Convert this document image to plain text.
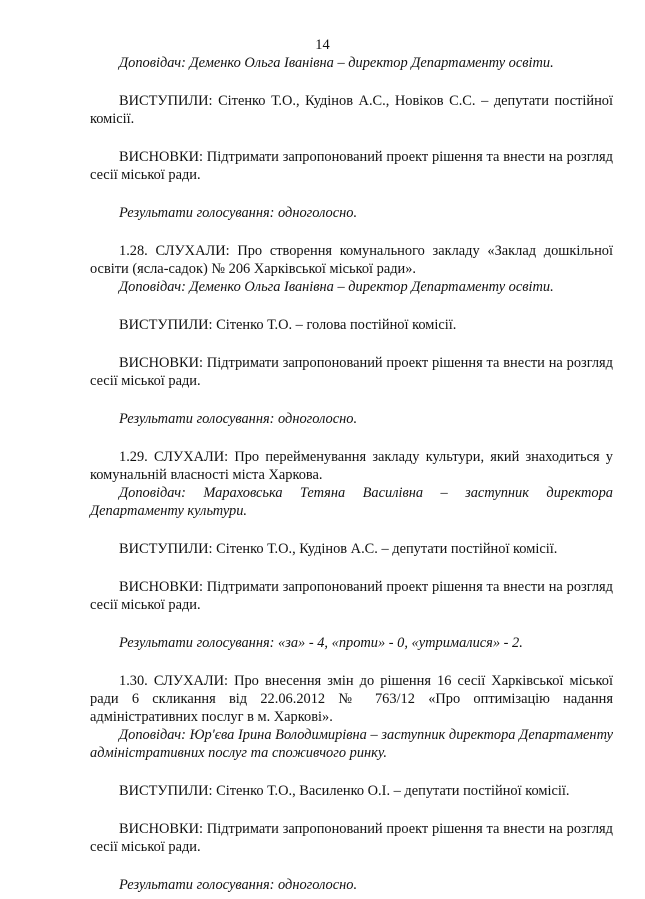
14

Доповідач: Деменко Ольга Іванівна – директор Департаменту освіти.

ВИСТУПИЛИ: Сітенко Т.О., Кудінов А.С., Новіков С.С. – депутати постійної комісії.

ВИСНОВКИ: Підтримати запропонований проект рішення та внести на розгляд сесії міської ради.

Результати голосування: одноголосно.

1.28. СЛУХАЛИ: Про створення комунального закладу «Заклад дошкільної освіти (ясла-садок) № 206 Харківської міської ради».

Доповідач: Деменко Ольга Іванівна – директор Департаменту освіти.

ВИСТУПИЛИ: Сітенко Т.О. – голова постійної комісії.

ВИСНОВКИ: Підтримати запропонований проект рішення та внести на розгляд сесії міської ради.

Результати голосування: одноголосно.

1.29. СЛУХАЛИ: Про перейменування закладу культури, який знаходиться у комунальній власності міста Харкова.

Доповідач: Мараховська Тетяна Василівна – заступник директора Департаменту культури.

ВИСТУПИЛИ: Сітенко Т.О., Кудінов А.С. – депутати постійної комісії.

ВИСНОВКИ: Підтримати запропонований проект рішення та внести на розгляд сесії міської ради.

Результати голосування: «за» - 4, «проти» - 0, «утрималися» - 2.

1.30. СЛУХАЛИ: Про внесення змін до рішення 16 сесії Харківської міської ради 6 скликання від 22.06.2012 № 763/12 «Про оптимізацію надання адміністративних послуг в м. Харкові».

Доповідач: Юр'єва Ірина Володимирівна – заступник директора Департаменту адміністративних послуг та споживчого ринку.

ВИСТУПИЛИ: Сітенко Т.О., Василенко О.І. – депутати постійної комісії.

ВИСНОВКИ: Підтримати запропонований проект рішення та внести на розгляд сесії міської ради.

Результати голосування: одноголосно.
